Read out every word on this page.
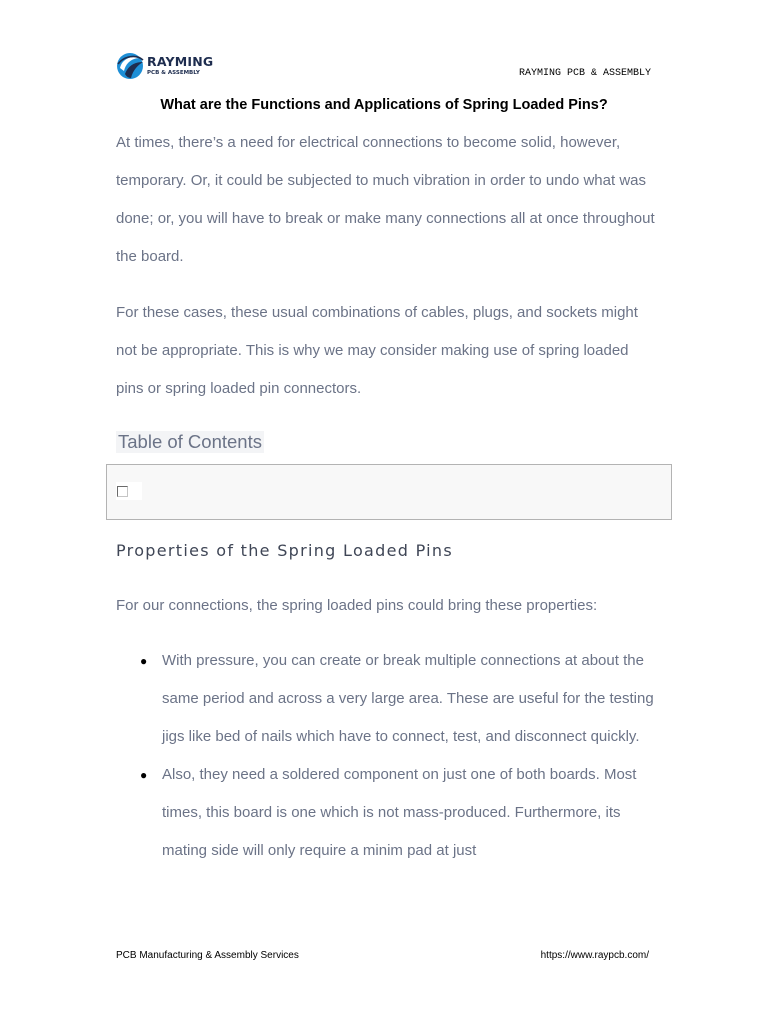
RAYMING
PCB & ASSEMBLY	RAYMING PCB & ASSEMBLY
What are the Functions and Applications of Spring Loaded Pins?

At times, there’s a need for electrical connections to become solid, however, temporary. Or, it could be subjected to much vibration in order to undo what was done; or, you will have to break or make many connections all at once throughout the board.

For these cases, these usual combinations of cables, plugs, and sockets might not be appropriate. This is why we may consider making use of spring loaded pins or spring loaded pin connectors.

Table of Contents
Properties of the Spring Loaded Pins

For our connections, the spring loaded pins could bring these properties:

● With pressure, you can create or break multiple connections at about the same period and across a very large area. These are useful for the testing jigs like bed of nails which have to connect, test, and disconnect quickly.
● Also, they need a soldered component on just one of both boards. Most times, this board is one which is not mass-produced. Furthermore, its mating side will only require a minim pad at just
PCB Manufacturing & Assembly Services	https://www.raypcb.com/
